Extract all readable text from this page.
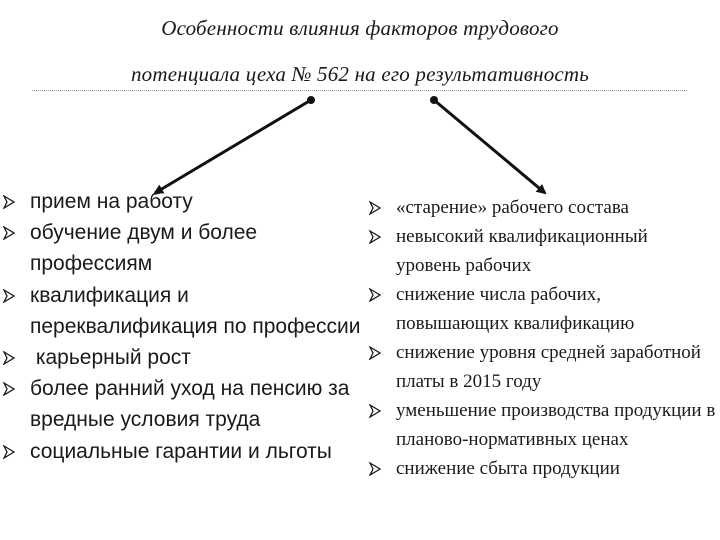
Особенности влияния факторов трудового
потенциала цеха № 562 на его результативность
прием на работу
обучение двум и более профессиям
квалификация и переквалификация по профессии
карьерный рост
более ранний уход на пенсию за вредные условия труда
социальные гарантии и льготы
«старение» рабочего состава
невысокий квалификационный уровень рабочих
снижение числа рабочих, повышающих квалификацию
снижение уровня средней заработной платы в 2015 году
уменьшение производства продукции в планово-нормативных ценах
снижение сбыта продукции
